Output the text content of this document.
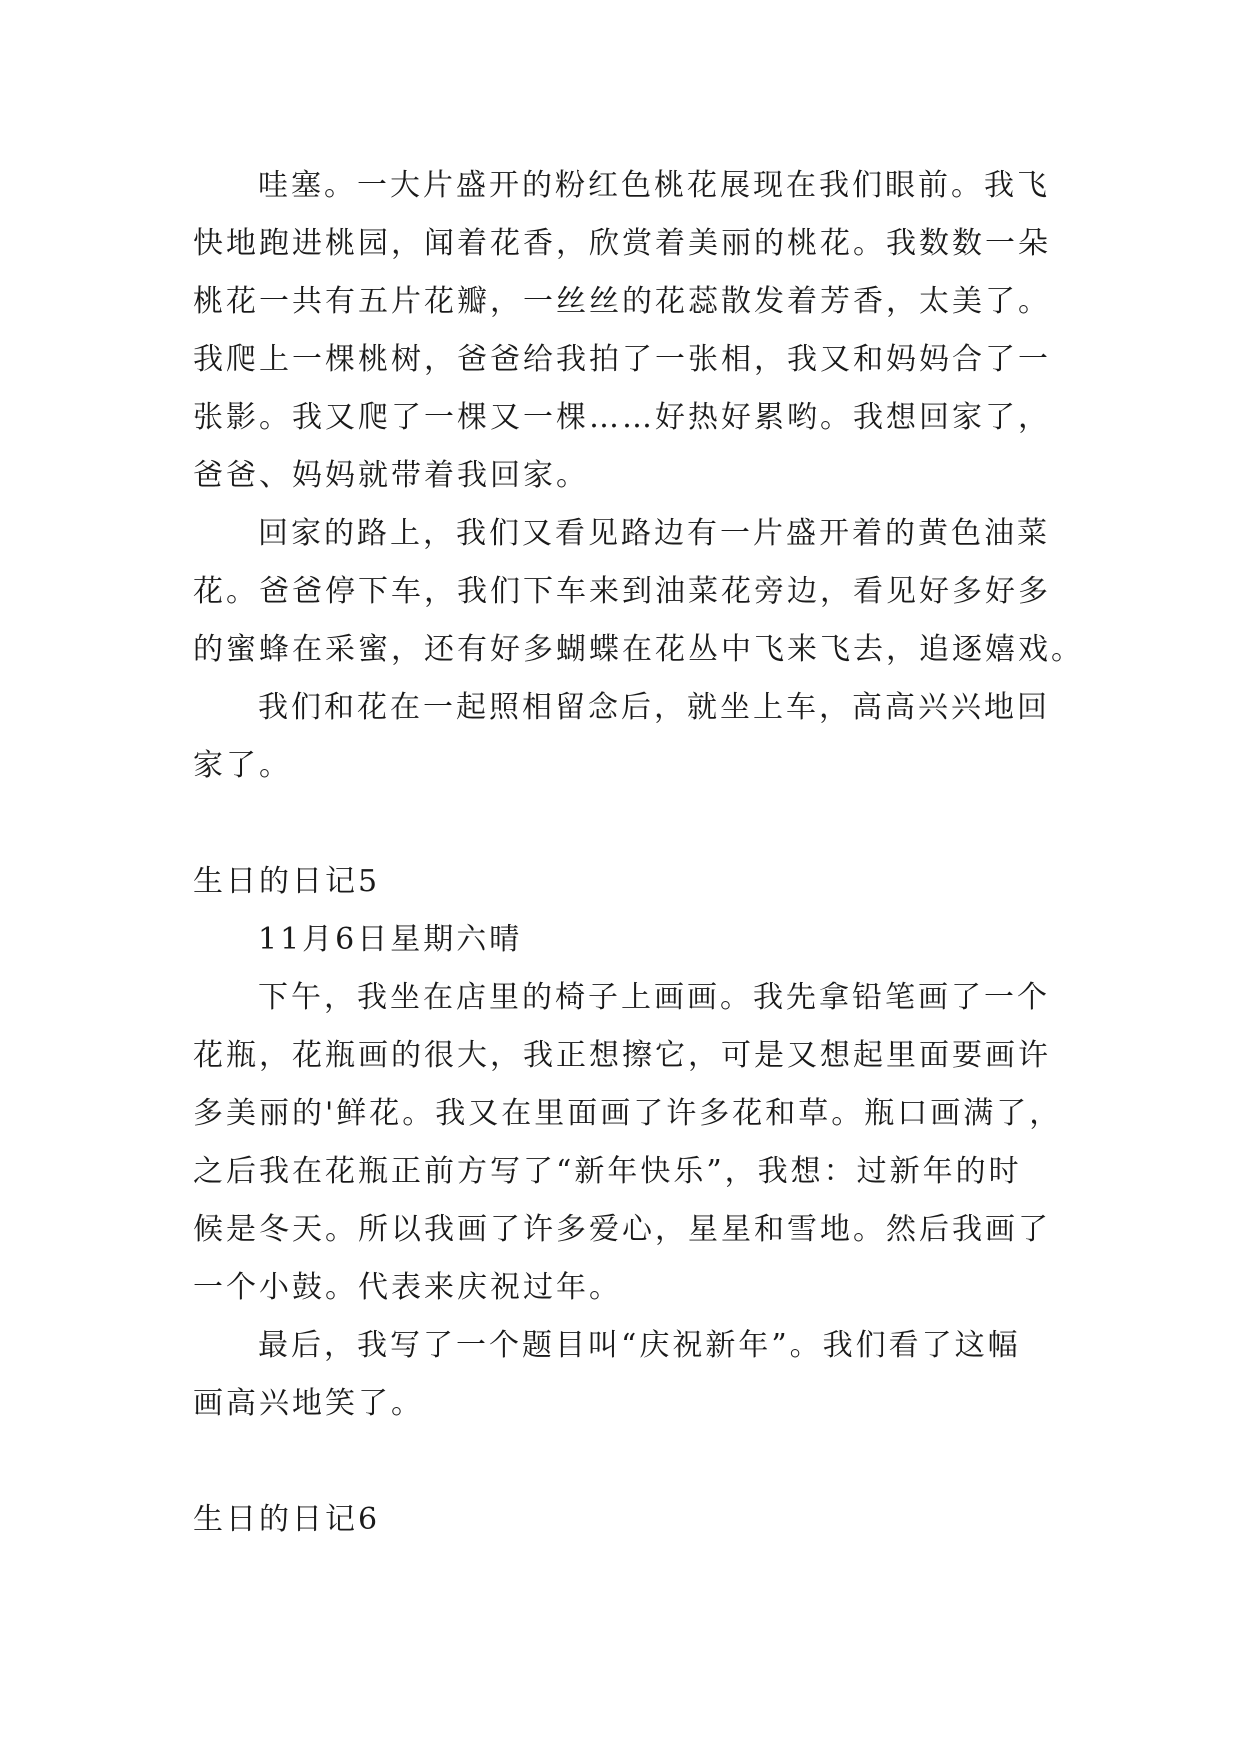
哇塞。一大片盛开的粉红色桃花展现在我们眼前。我飞
快地跑进桃园，闻着花香，欣赏着美丽的桃花。我数数一朵
桃花一共有五片花瓣，一丝丝的花蕊散发着芳香，太美了。
我爬上一棵桃树，爸爸给我拍了一张相，我又和妈妈合了一
张影。我又爬了一棵又一棵……好热好累哟。我想回家了，
爸爸、妈妈就带着我回家。
回家的路上，我们又看见路边有一片盛开着的黄色油菜
花。爸爸停下车，我们下车来到油菜花旁边，看见好多好多
的蜜蜂在采蜜，还有好多蝴蝶在花丛中飞来飞去，追逐嬉戏。
我们和花在一起照相留念后，就坐上车，高高兴兴地回
家了。
生日的日记5
11月6日星期六晴
下午，我坐在店里的椅子上画画。我先拿铅笔画了一个
花瓶，花瓶画的很大，我正想擦它，可是又想起里面要画许
多美丽的'鲜花。我又在里面画了许多花和草。瓶口画满了，
之后我在花瓶正前方写了“新年快乐”，我想：过新年的时
候是冬天。所以我画了许多爱心，星星和雪地。然后我画了
一个小鼓。代表来庆祝过年。
最后，我写了一个题目叫“庆祝新年”。我们看了这幅
画高兴地笑了。
生日的日记6
